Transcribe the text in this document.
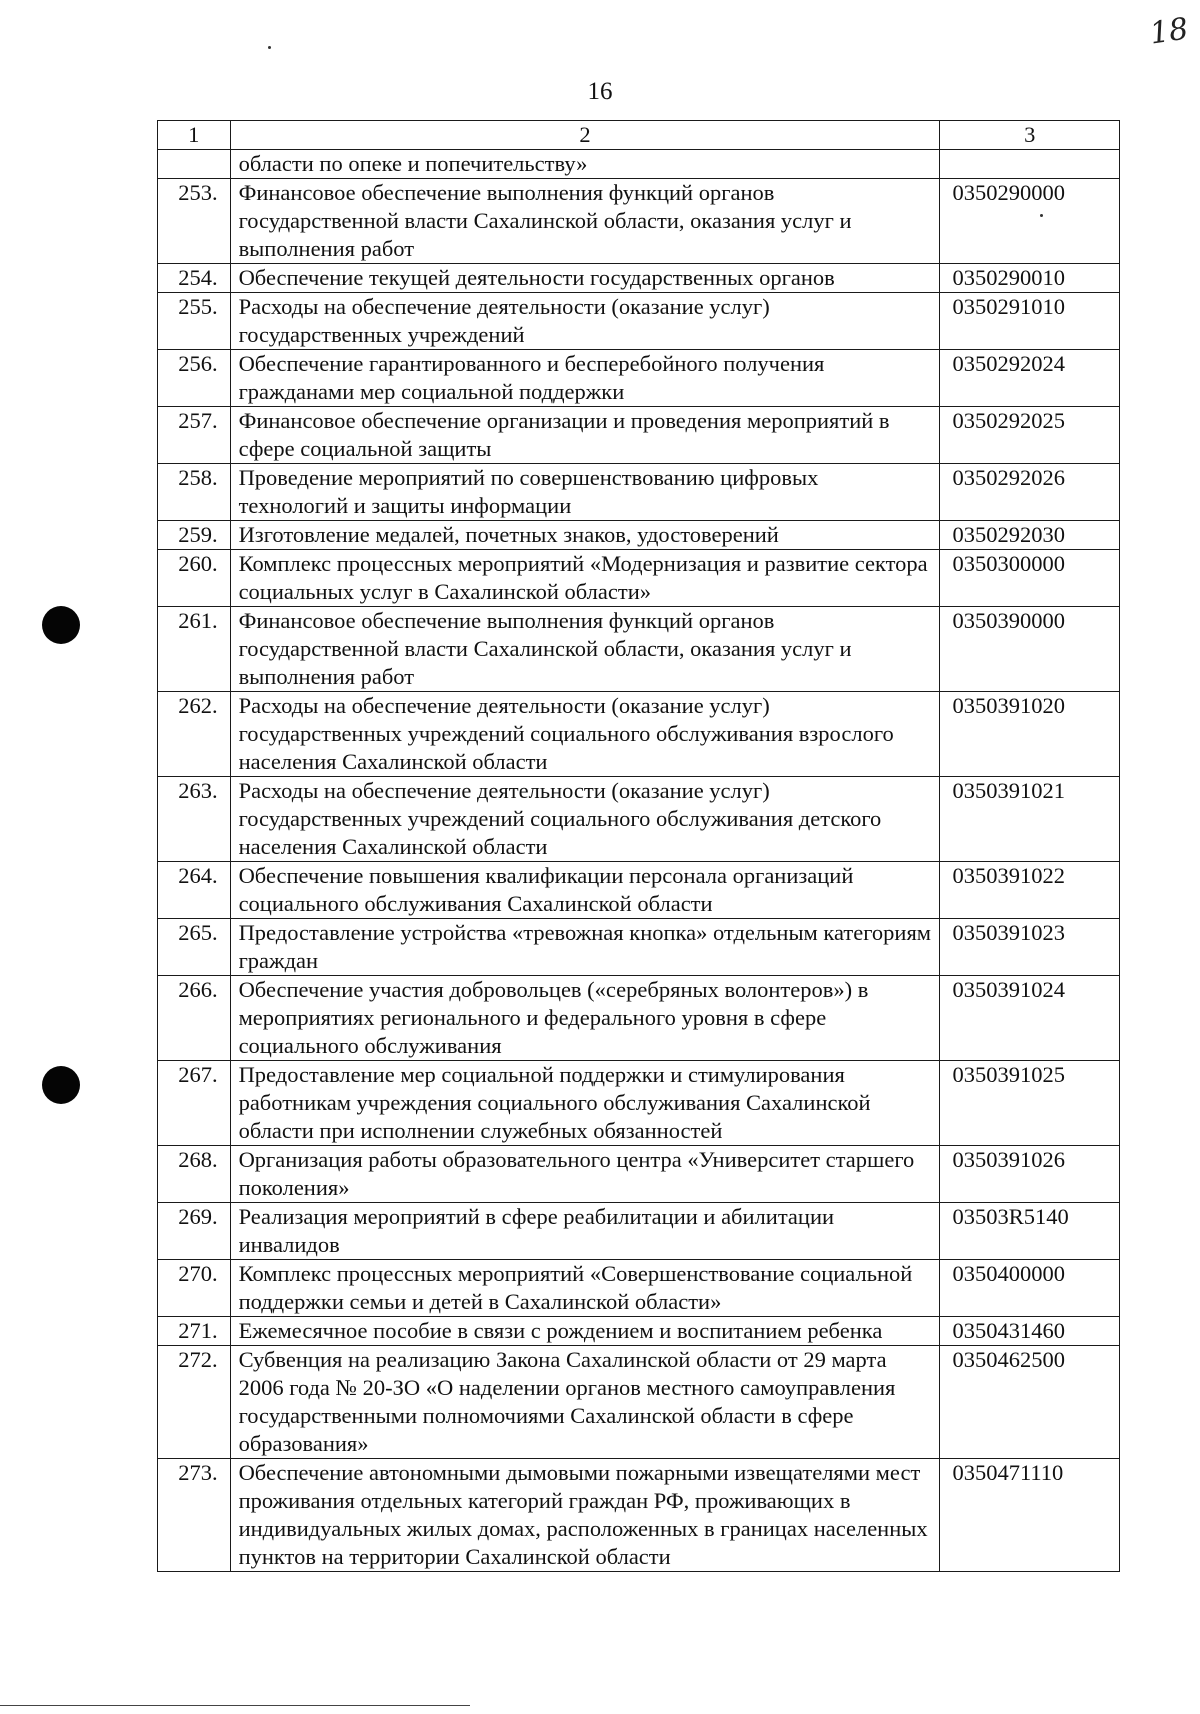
18
16
1	2	3
	области по опеке и попечительству»	
253.	Финансовое обеспечение выполнения функций органов государственной власти Сахалинской области, оказания услуг и выполнения работ	0350290000
254.	Обеспечение текущей деятельности государственных органов	0350290010
255.	Расходы на обеспечение деятельности (оказание услуг) государственных учреждений	0350291010
256.	Обеспечение гарантированного и бесперебойного получения гражданами мер социальной поддержки	0350292024
257.	Финансовое обеспечение организации и проведения мероприятий в сфере социальной защиты	0350292025
258.	Проведение мероприятий по совершенствованию цифровых технологий и защиты информации	0350292026
259.	Изготовление медалей, почетных знаков, удостоверений	0350292030
260.	Комплекс процессных мероприятий «Модернизация и развитие сектора социальных услуг в Сахалинской области»	0350300000
261.	Финансовое обеспечение выполнения функций органов государственной власти Сахалинской области, оказания услуг и выполнения работ	0350390000
262.	Расходы на обеспечение деятельности (оказание услуг) государственных учреждений социального обслуживания взрослого населения Сахалинской области	0350391020
263.	Расходы на обеспечение деятельности (оказание услуг) государственных учреждений социального обслуживания детского населения Сахалинской области	0350391021
264.	Обеспечение повышения квалификации персонала организаций социального обслуживания Сахалинской области	0350391022
265.	Предоставление устройства «тревожная кнопка» отдельным категориям граждан	0350391023
266.	Обеспечение участия добровольцев («серебряных волонтеров») в мероприятиях регионального и федерального уровня в сфере социального обслуживания	0350391024
267.	Предоставление мер социальной поддержки и стимулирования работникам учреждения социального обслуживания Сахалинской области при исполнении служебных обязанностей	0350391025
268.	Организация работы образовательного центра «Университет старшего поколения»	0350391026
269.	Реализация мероприятий в сфере реабилитации и абилитации инвалидов	03503R5140
270.	Комплекс процессных мероприятий «Совершенствование социальной поддержки семьи и детей в Сахалинской области»	0350400000
271.	Ежемесячное пособие в связи с рождением и воспитанием ребенка	0350431460
272.	Субвенция на реализацию Закона Сахалинской области от 29 марта 2006 года № 20-ЗО «О наделении органов местного самоуправления государственными полномочиями Сахалинской области в сфере образования»	0350462500
273.	Обеспечение автономными дымовыми пожарными извещателями мест проживания отдельных категорий граждан РФ, проживающих в индивидуальных жилых домах, расположенных в границах населенных пунктов на территории Сахалинской области	0350471110
